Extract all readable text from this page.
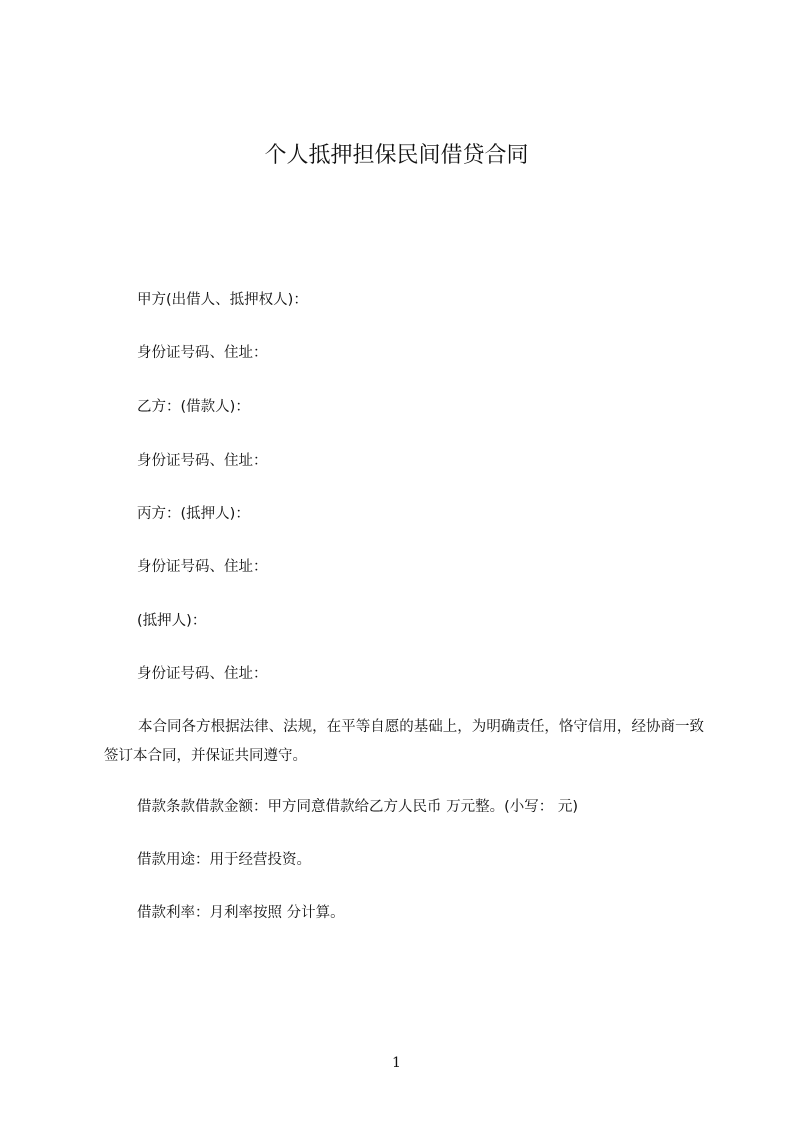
个人抵押担保民间借贷合同
甲方(出借人、抵押权人)：
身份证号码、住址：
乙方：(借款人)：
身份证号码、住址：
丙方：(抵押人)：
身份证号码、住址：
(抵押人)：
身份证号码、住址：
本合同各方根据法律、法规，在平等自愿的基础上，为明确责任，恪守信用，经协商一致签订本合同，并保证共同遵守。
借款条款借款金额：甲方同意借款给乙方人民币 万元整。(小写： 元)
借款用途：用于经营投资。
借款利率：月利率按照 分计算。
1
